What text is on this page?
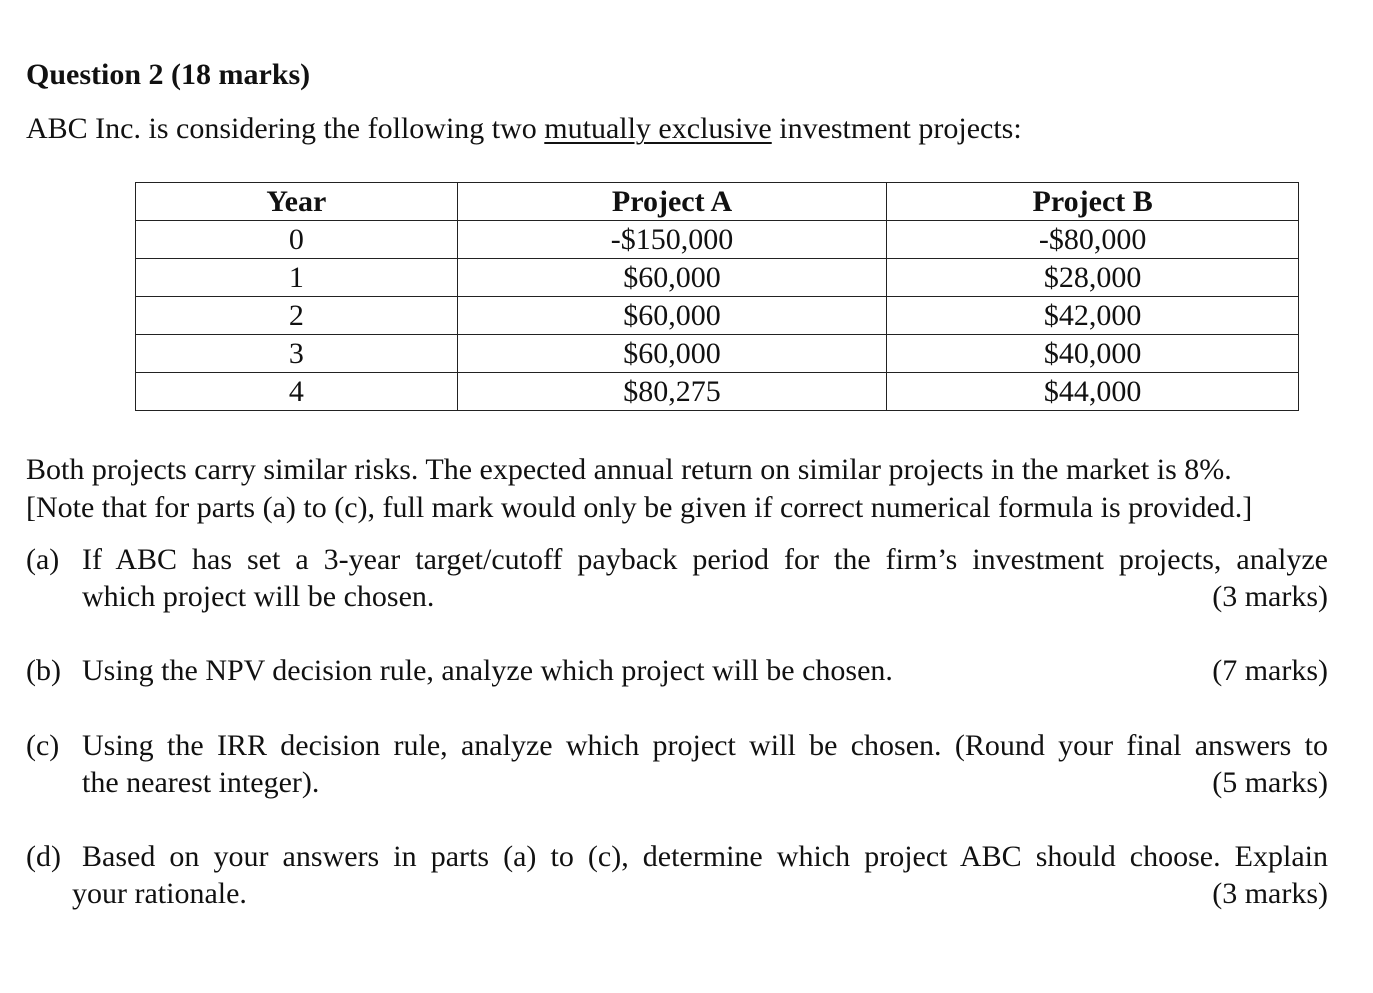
Question 2 (18 marks)
ABC Inc. is considering the following two mutually exclusive investment projects:
Year	Project A	Project B
0	-$150,000	-$80,000
1	$60,000	$28,000
2	$60,000	$42,000
3	$60,000	$40,000
4	$80,275	$44,000
Both projects carry similar risks. The expected annual return on similar projects in the market is 8%.
[Note that for parts (a) to (c), full mark would only be given if correct numerical formula is provided.]
(a) If ABC has set a 3-year target/cutoff payback period for the firm’s investment projects, analyze
which project will be chosen.	(3 marks)
(b) Using the NPV decision rule, analyze which project will be chosen.	(7 marks)
(c) Using the IRR decision rule, analyze which project will be chosen. (Round your final answers to
the nearest integer).	(5 marks)
(d) Based on your answers in parts (a) to (c), determine which project ABC should choose. Explain
your rationale.	(3 marks)
